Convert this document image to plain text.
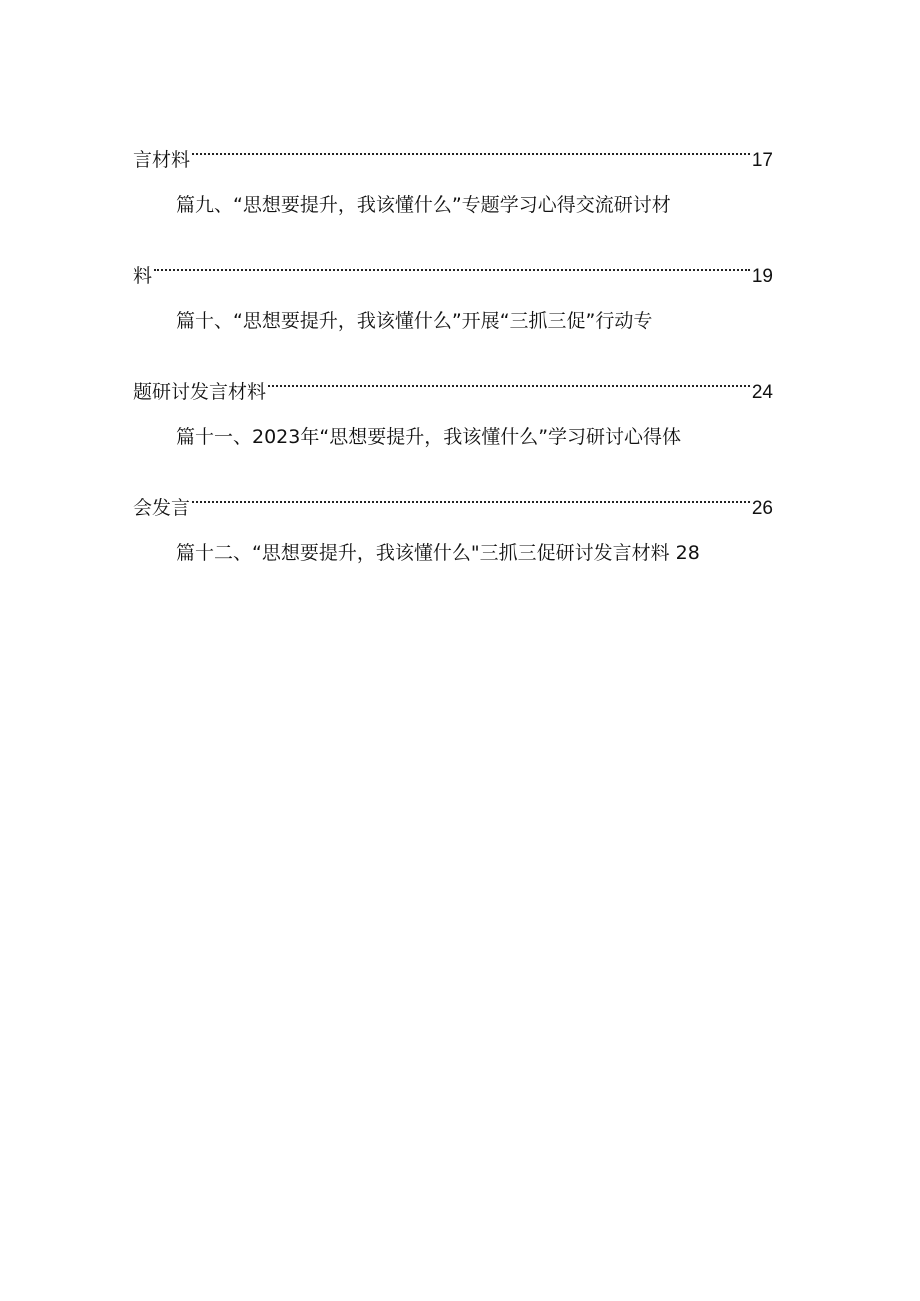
言材料	17
篇九、“思想要提升，我该懂什么”专题学习心得交流研讨材
料	19
篇十、“思想要提升，我该懂什么”开展“三抓三促”行动专
题研讨发言材料	24
篇十一、2023年“思想要提升，我该懂什么”学习研讨心得体
会发言	26
篇十二、“思想要提升，我该懂什么"三抓三促研讨发言材料 28
